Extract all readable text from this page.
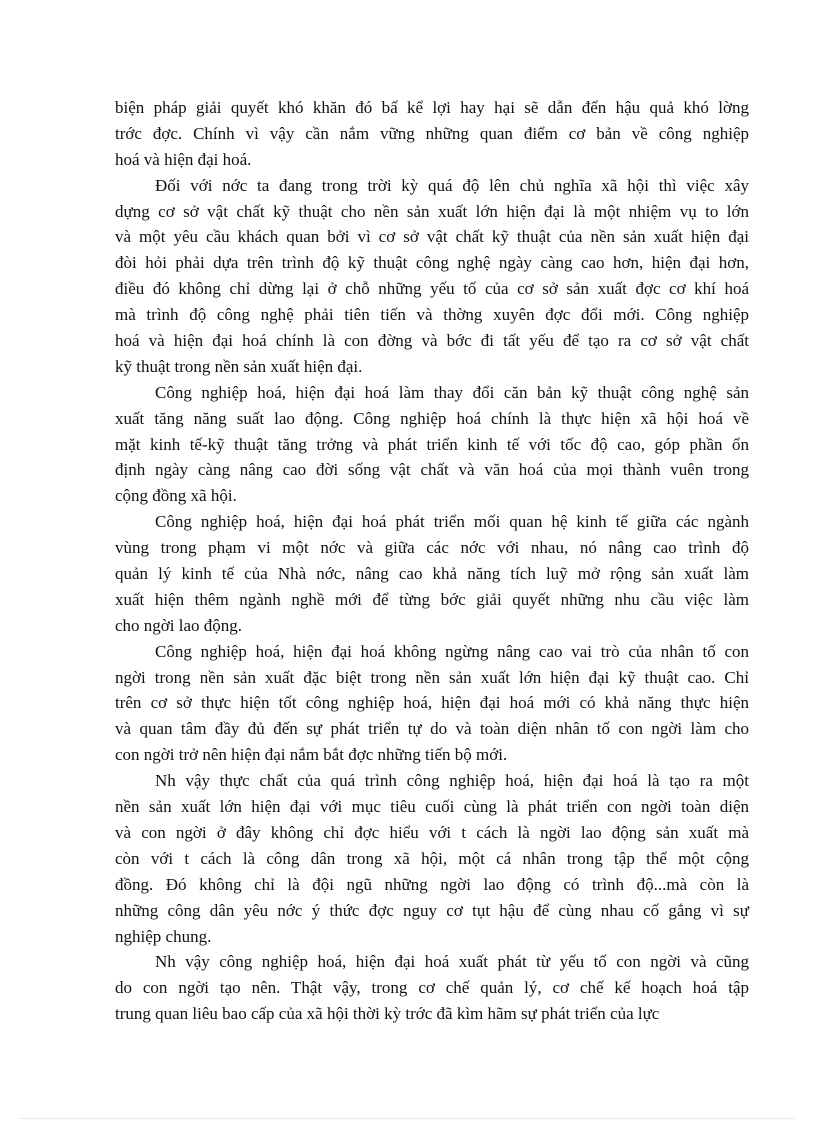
biện pháp giải quyết khó khăn đó bấ kể lợi hay hại sẽ dẫn đến hậu quả khó lờng
trớc đợc. Chính vì vậy cần nắm vững những quan điểm cơ bản về công nghiệp
hoá và hiện đại hoá.

Đối với nớc ta đang trong trời kỳ quá độ lên chủ nghĩa xã hội thì việc xây
dựng cơ sở vật chất kỹ thuật cho nền sản xuất lớn hiện đại là một nhiệm vụ to lớn
và một yêu cầu khách quan bởi vì cơ sở vật chất kỹ thuật của nền sản xuất hiện đại
đòi hỏi phải dựa trên trình độ kỹ thuật công nghệ ngày càng cao hơn, hiện đại hơn,
điều đó không chỉ dừng lại ở chỗ những yếu tố của cơ sở sản xuất đợc cơ khí hoá
mà trình độ công nghệ phải tiên tiến và thờng xuyên đợc đổi mới. Công nghiệp
hoá và hiện đại hoá chính là con đờng và bớc đi tất yếu để tạo ra cơ sở vật chất
kỹ thuật trong nền sản xuất hiện đại.

Công nghiệp hoá, hiện đại hoá làm thay đổi căn bản kỹ thuật công nghệ sản
xuất tăng năng suất lao động. Công nghiệp hoá chính là thực hiện xã hội hoá về
mặt kinh tế-kỹ thuật tăng trởng và phát triển kinh tế với tốc độ cao, góp phần ổn
định ngày càng nâng cao đời sống vật chất và văn hoá của mọi thành vuên trong
cộng đồng xã hội.

Công nghiệp hoá, hiện đại hoá phát triển mối quan hệ kinh tế giữa các ngành
vùng trong phạm vi một nớc và giữa các nớc với nhau, nó nâng cao trình độ
quản lý kinh tế của Nhà nớc, nâng cao khả năng tích luỹ mở rộng sản xuất làm
xuất hiện thêm ngành nghề mới để từng bớc giải quyết những nhu cầu việc làm
cho ngời lao động.

Công nghiệp hoá, hiện đại hoá không ngừng nâng cao vai trò của nhân tố con
ngời trong nền sản xuất đặc biệt trong nền sản xuất lớn hiện đại kỹ thuật cao. Chỉ
trên cơ sở thực hiện tốt công nghiệp hoá, hiện đại hoá mới có khả năng thực hiện
và quan tâm đầy đủ đến sự phát triển tự do và toàn diện nhân tố con ngời làm cho
con ngời trở nên hiện đại nắm bắt đợc những tiến bộ mới.

Nh vậy thực chất của quá trình công nghiệp hoá, hiện đại hoá là tạo ra một
nền sản xuất lớn hiện đại với mục tiêu cuối cùng là phát triển con ngời toàn diện
và con ngời ở đây không chỉ đợc hiểu với t cách là ngời lao động sản xuất mà
còn với t cách là công dân trong xã hội, một cá nhân trong tập thể một cộng
đồng. Đó không chỉ là đội ngũ những ngời lao động có trình độ...mà còn là
những công dân yêu nớc ý thức đợc nguy cơ tụt hậu để cùng nhau cố gắng vì sự
nghiệp chung.

Nh vậy công nghiệp hoá, hiện đại hoá xuất phát từ yếu tố con ngời và cũng
do con ngời tạo nên. Thật vậy, trong cơ chế quản lý, cơ chế kế hoạch hoá tập
trung quan liêu bao cấp của xã hội thời kỳ trớc đã kìm hãm sự phát triển của lực
